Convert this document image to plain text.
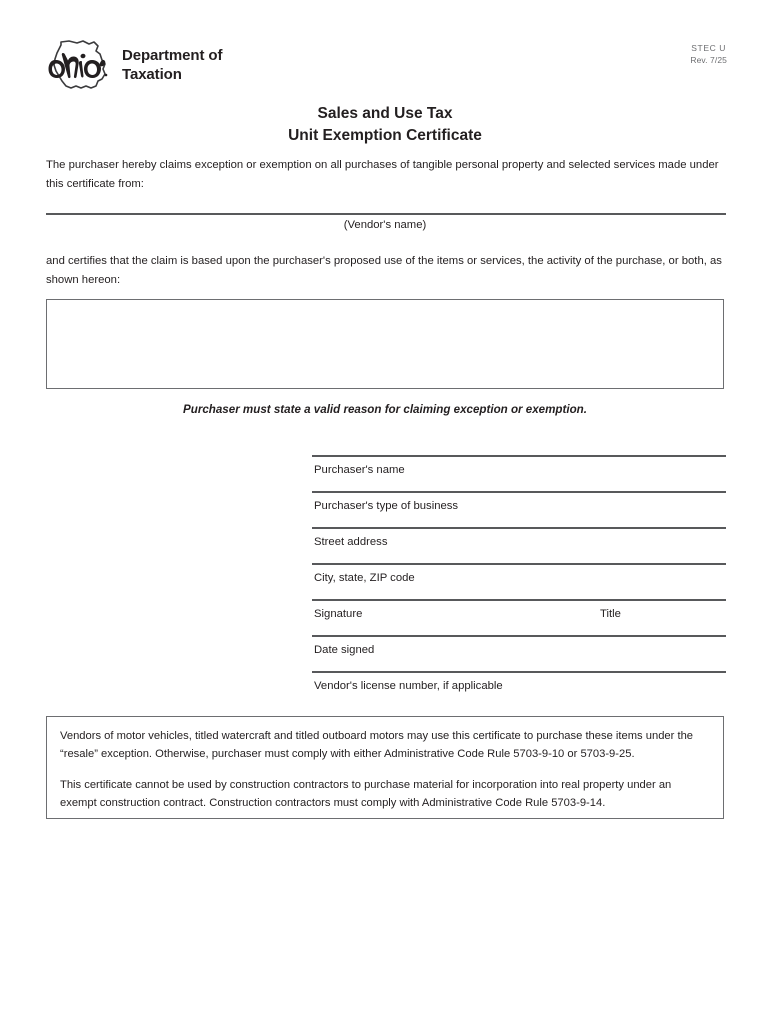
Department of
Taxation
STEC U
Rev. 7/25
Sales and Use Tax
Unit Exemption Certificate
The purchaser hereby claims exception or exemption on all purchases of tangible personal property and selected services made under this certificate from:
(Vendor's name)
and certifies that the claim is based upon the purchaser's proposed use of the items or services, the activity of the purchase, or both, as shown hereon:
Purchaser must state a valid reason for claiming exception or exemption.
Purchaser's name
Purchaser's type of business
Street address
City, state, ZIP code
Signature	Title
Date signed
Vendor's license number, if applicable

Vendors of motor vehicles, titled watercraft and titled outboard motors may use this certificate to purchase these items under the “resale” exception. Otherwise, purchaser must comply with either Administrative Code Rule 5703-9-10 or 5703-9-25.

This certificate cannot be used by construction contractors to purchase material for incorporation into real property under an exempt construction contract. Construction contractors must comply with Administrative Code Rule 5703-9-14.
